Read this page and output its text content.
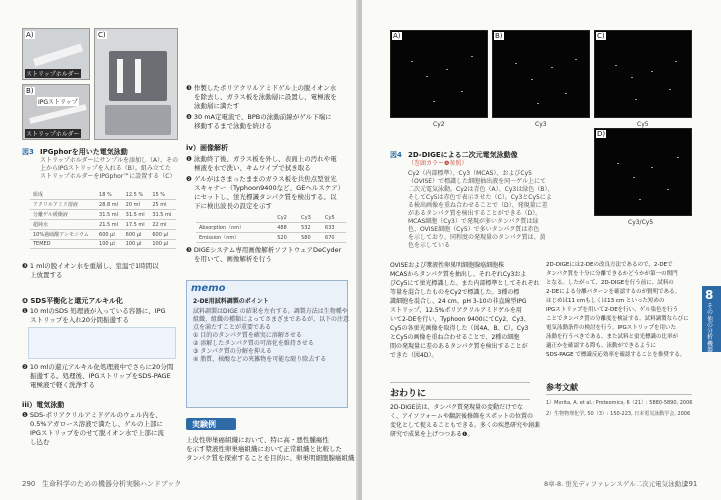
A)
ストリップホルダー
B)
IPGストリップ
ストリップホルダー
C)
図3 IPGphorを用いた電気泳動
ストリップホルダーにサンプルを添加し（A）、その
上からIPGストリップを入れる（B）。組み立てた
ストリップホルダーをIPGphor™に設置する（C）
組成	18 %	12.5 %	15 %
アクリルアミド溶液	28.8 ml	20 ml	25 ml
分離ゲル緩衝液	31.5 ml	31.5 ml	31.5 ml
超純水	21.5 ml	17.5 ml	22 ml
10%過硫酸アンモニウム	600 μl	600 μl	600 μl
TEMED	100 μl	100 μl	100 μl
❸ 1 mlの脱イオン水を重層し、室温で1時間以
上放置する
❹ SDS平衡化と還元アルキル化
❶ 10 mlのSDS 処理液が入っている容器に、IPG
ストリップを入れ20分間振盪する
❷ 10 mlの還元アルキル化処理液中でさらに20分間
振盪する。処理後、IPGストリップをSDS-PAGE
電極液で軽く洗浄する
iii）電気泳動
❶ SDS-ポリアクリルアミドゲルのウェル内を、
0.5%アガロース溶液で満たし、ゲルの上部に
IPGストリップをのせて脱イオン水で上部に流
し込む
❸ 作製したポリアクリルアミドゲル上の脱イオン水
を除去し、ガラス板を泳動層に設置し、電極液を
泳動層に満たす
❹ 30 mA定電流で、BPBの泳動前線がゲル下端に
移動するまで泳動を続ける
iv）画像解析
❶ 泳動終了後、ガラス板を外し、表面上の汚れや電
極液を水で洗い、キムワイプで拭き取る
❷ ゲルがはさまったままのガラス板を共焦点型蛍光
スキャナー（Typhoon9400など、GEヘルスケア）
にセットし、蛍光標識タンパク質を検出する。以
下に検出波長の設定を示す
	Cy2	Cy3	Cy5
Absorption（nm）	488	532	633
Emission（nm）	520	580	670
❸ DIGEシステム専用画像解析ソフトウェアDeCyder
を用いて、画像解析を行う
memo
2-DE用試料調製のポイント
試料調製はDIGE の結果を左右する。調製方法は生物種や
組織、組織の種類によってさまざまであるが、以下の注意
点を満たすことが重要である
① 目的のタンパク質を確実に溶解させる
② 溶解したタンパク質の可溶化を維持させる
③ タンパク質の分解を抑える
④ 脂質、核酸などの夾雑物を可能な限り除去する
実験例
上皮性卵巣癌組織において、特に高・悪性腫瘍性
を示す漿液性卵巣癌組織において正常組織と比較した
タンパク質を探索することを目的に、卵巣明細胞腺癌組織
290 生命科学のための機器分析実験ハンドブック
A)
Cy2
B)
Cy3
C)
Cy5
D)
Cy3/Cy5
図4 2D-DIGEによる二次元電気泳動像
（巻頭カラー❹参照）
Cy2（内部標準）、Cy3（MCAS）、およびCy5
（OVISE）で標識した細胞抽出液を同一ゲル上にて
二次元電気泳動。Cy2は青色（A）、Cy3は緑色（B）、
そしてCy5は赤色で表示させた（C）。Cy3とCy5によ
る検出画像を重ね合わせることで（D）、発現量に差
があるタンパク質を検出することができる（D）。
MCAS細胞（Cy3）で発現が多いタンパク質は緑
色、OVISE細胞（Cy5）で多いタンパク質は赤色
を示しており、同程度の発現量のタンパク質は、黄
色を示している
OVISEおよび漿液性卵巣明細胞腺癌細胞株
MCASからタンパク質を抽出し、それぞれCy3およ
びCy5にて蛍光標識した。また内部標準としてそれぞれ
等量を混合したものをCy2で標識した。3種の標
識細胞を混合し、24 cm、pH 3-10の非直線型IPG
ストリップ、12.5%ポリアクリルアミドゲルを用
いて2-DEを行い、Typhoon 9400にてCy2、Cy3、
Cy5の各蛍光画像を取得した（図4A、B、C）。Cy3
とCy5の画像を重ね合わせることで、2種の細胞
間の発現量に差のあるタンパク質を検出することが
できた（図4D）。
おわりに
2D-DIGE法は、タンパク質発現量の変動だけでな
く、アイソフォームや翻訳後修飾をスポットの位置の
変化として捉えることもできる。多くの疾患研究や創薬
研究で成果を上げつつある❶。
2D-DIGEには2-DEの改良方法であるので、2-DEで
タンパク質を十分に分離できるかどうかが第一の関門
となる。したがって、2D-DIGEを行う前に、試料の
2-DEによる分離パターンを確認するのが賢明である。
はじめは11 cmもしくは13 cm といった短めの
IPGストリップを用いて2-DEを行い、ゲル染色を行う
ことでタンパク質の分離度を検証する。試料調製ならびに
電気泳動条件の検討を行う。IPGストリップを用いた
泳動を行うべきである。また試料と蛍光標識の比率が
適正かを確認する際も、泳動ができるように
SDS-PAGE で標識反応効率を確認することを推奨する。
参考文献
1）Morita, A. et al.: Proteomics, 6（21）: 5880-5890, 2006
2）生物物理化学, 50（3）: 150-223, 日本電気泳動学会, 2006
8
その他の分析機器
8章-8. 蛍光ディファレンスゲル二次元電気泳動法
291
